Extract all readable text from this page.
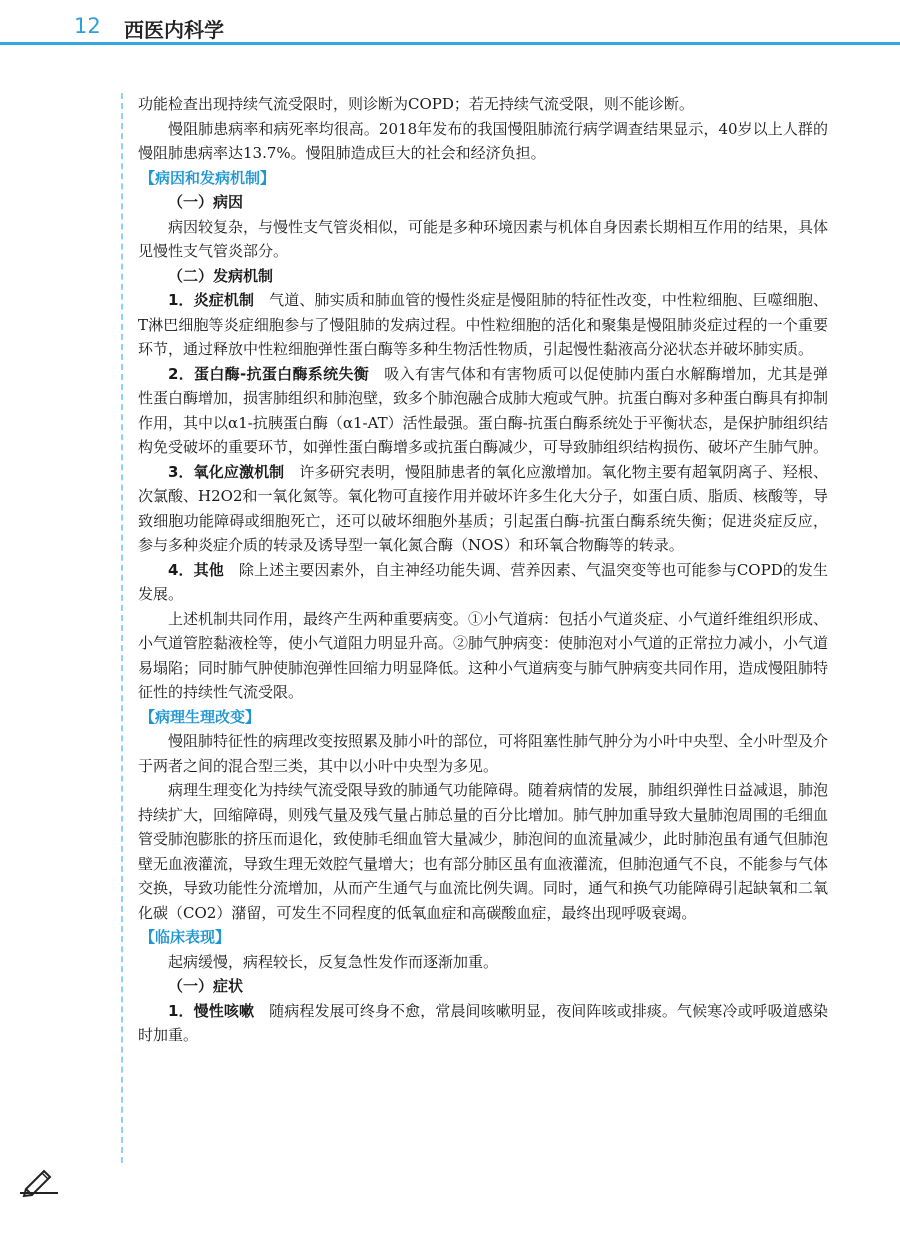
12 西医内科学

功能检查出现持续气流受限时，则诊断为COPD；若无持续气流受限，则不能诊断。

慢阻肺患病率和病死率均很高。2018年发布的我国慢阻肺流行病学调查结果显示，40岁以上人群的慢阻肺患病率达13.7%。慢阻肺造成巨大的社会和经济负担。

【病因和发病机制】

（一）病因

病因较复杂，与慢性支气管炎相似，可能是多种环境因素与机体自身因素长期相互作用的结果，具体见慢性支气管炎部分。

（二）发病机制

1．炎症机制　气道、肺实质和肺血管的慢性炎症是慢阻肺的特征性改变，中性粒细胞、巨噬细胞、T淋巴细胞等炎症细胞参与了慢阻肺的发病过程。中性粒细胞的活化和聚集是慢阻肺炎症过程的一个重要环节，通过释放中性粒细胞弹性蛋白酶等多种生物活性物质，引起慢性黏液高分泌状态并破坏肺实质。

2．蛋白酶-抗蛋白酶系统失衡　吸入有害气体和有害物质可以促使肺内蛋白水解酶增加，尤其是弹性蛋白酶增加，损害肺组织和肺泡壁，致多个肺泡融合成肺大疱或气肿。抗蛋白酶对多种蛋白酶具有抑制作用，其中以α1-抗胰蛋白酶（α1-AT）活性最强。蛋白酶-抗蛋白酶系统处于平衡状态，是保护肺组织结构免受破坏的重要环节，如弹性蛋白酶增多或抗蛋白酶减少，可导致肺组织结构损伤、破坏产生肺气肿。

3．氧化应激机制　许多研究表明，慢阻肺患者的氧化应激增加。氧化物主要有超氧阴离子、羟根、次氯酸、H2O2和一氧化氮等。氧化物可直接作用并破坏许多生化大分子，如蛋白质、脂质、核酸等，导致细胞功能障碍或细胞死亡，还可以破坏细胞外基质；引起蛋白酶-抗蛋白酶系统失衡；促进炎症反应，参与多种炎症介质的转录及诱导型一氧化氮合酶（NOS）和环氧合物酶等的转录。

4．其他　除上述主要因素外，自主神经功能失调、营养因素、气温突变等也可能参与COPD的发生发展。

上述机制共同作用，最终产生两种重要病变。①小气道病：包括小气道炎症、小气道纤维组织形成、小气道管腔黏液栓等，使小气道阻力明显升高。②肺气肿病变：使肺泡对小气道的正常拉力减小，小气道易塌陷；同时肺气肿使肺泡弹性回缩力明显降低。这种小气道病变与肺气肿病变共同作用，造成慢阻肺特征性的持续性气流受限。

【病理生理改变】

慢阻肺特征性的病理改变按照累及肺小叶的部位，可将阻塞性肺气肿分为小叶中央型、全小叶型及介于两者之间的混合型三类，其中以小叶中央型为多见。

病理生理变化为持续气流受限导致的肺通气功能障碍。随着病情的发展，肺组织弹性日益减退，肺泡持续扩大，回缩障碍，则残气量及残气量占肺总量的百分比增加。肺气肿加重导致大量肺泡周围的毛细血管受肺泡膨胀的挤压而退化，致使肺毛细血管大量减少，肺泡间的血流量减少，此时肺泡虽有通气但肺泡壁无血液灌流，导致生理无效腔气量增大；也有部分肺区虽有血液灌流，但肺泡通气不良，不能参与气体交换，导致功能性分流增加，从而产生通气与血流比例失调。同时，通气和换气功能障碍引起缺氧和二氧化碳（CO2）潴留，可发生不同程度的低氧血症和高碳酸血症，最终出现呼吸衰竭。

【临床表现】

起病缓慢，病程较长，反复急性发作而逐渐加重。

（一）症状

1．慢性咳嗽　随病程发展可终身不愈，常晨间咳嗽明显，夜间阵咳或排痰。气候寒冷或呼吸道感染时加重。
